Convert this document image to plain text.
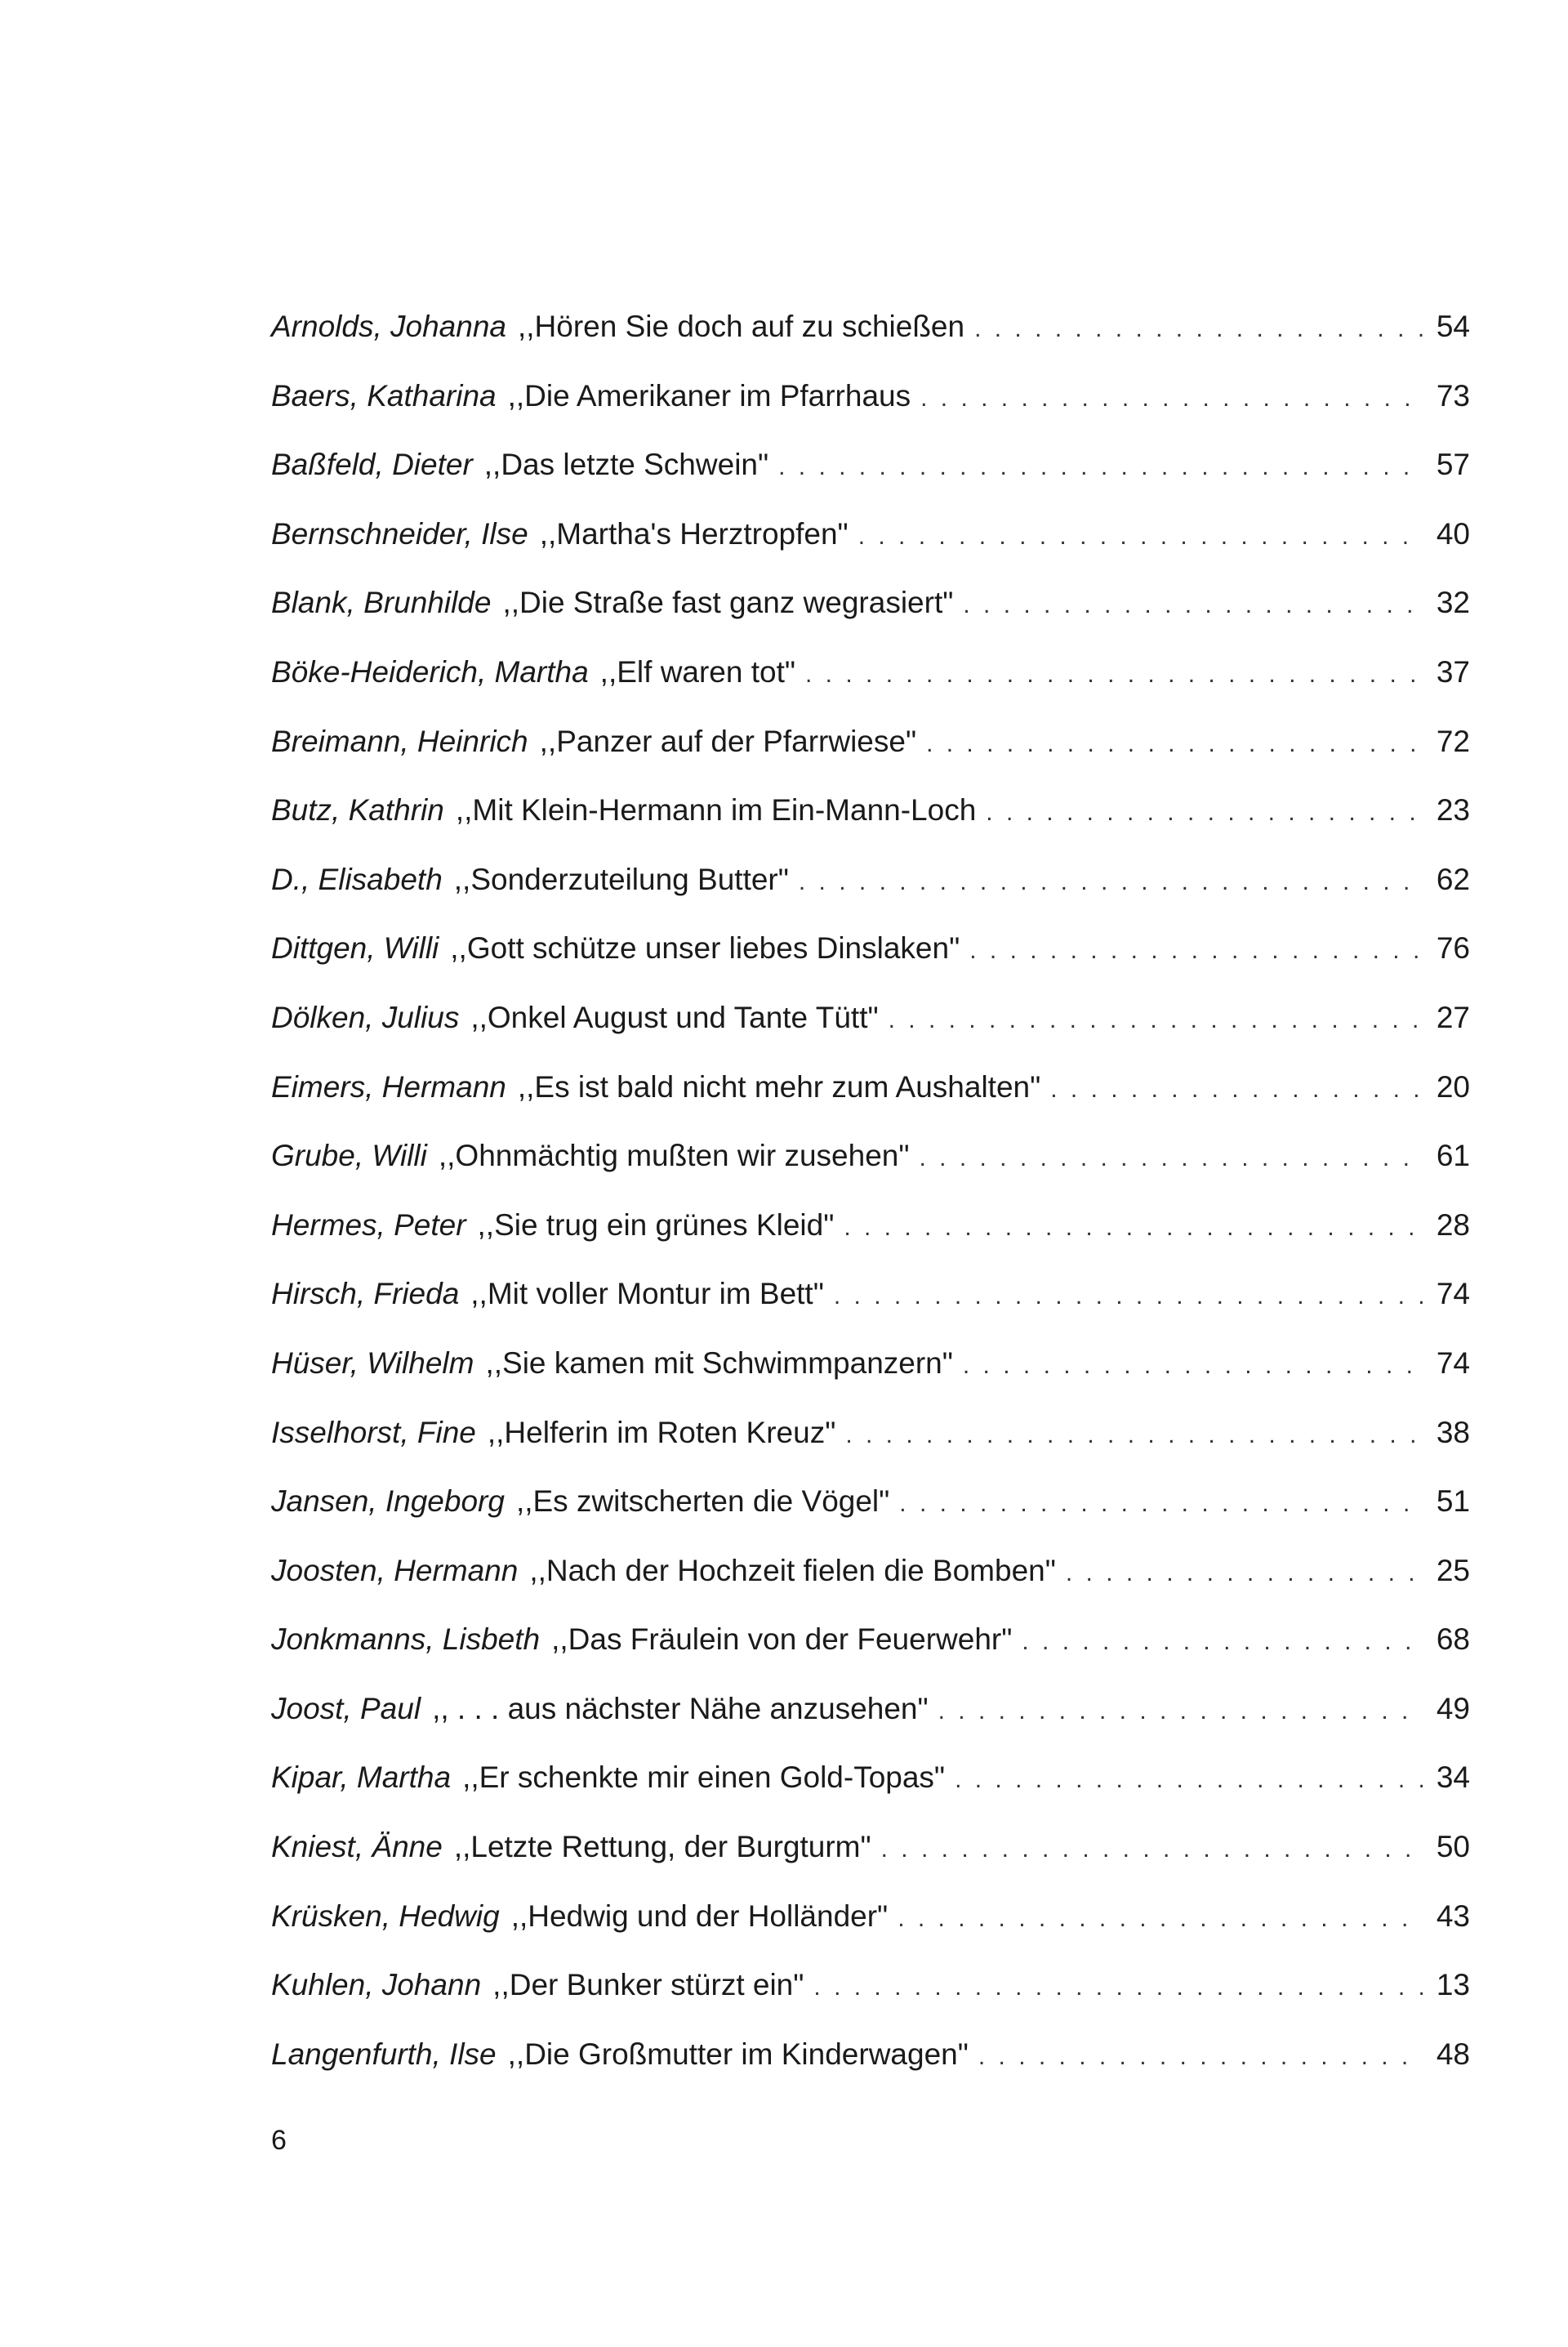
Arnolds, Johanna ,,Hören Sie doch auf zu schießen . . .	54
Baers, Katharina ,,Die Amerikaner im Pfarrhaus . . .	73
Baßfeld, Dieter ,,Das letzte Schwein" . . .	57
Bernschneider, Ilse ,,Martha's Herztropfen" . . .	40
Blank, Brunhilde ,,Die Straße fast ganz wegrasiert" . . .	32
Böke-Heiderich, Martha ,,Elf waren tot" . . .	37
Breimann, Heinrich ,,Panzer auf der Pfarrwiese" . . .	72
Butz, Kathrin ,,Mit Klein-Hermann im Ein-Mann-Loch . . .	23
D., Elisabeth ,,Sonderzuteilung Butter" . . .	62
Dittgen, Willi ,,Gott schütze unser liebes Dinslaken" . . .	76
Dölken, Julius ,,Onkel August und Tante Tütt" . . .	27
Eimers, Hermann ,,Es ist bald nicht mehr zum Aushalten" . . .	20
Grube, Willi ,,Ohnmächtig mußten wir zusehen" . . .	61
Hermes, Peter ,,Sie trug ein grünes Kleid" . . .	28
Hirsch, Frieda ,,Mit voller Montur im Bett" . . .	74
Hüser, Wilhelm ,,Sie kamen mit Schwimmpanzern" . . .	74
Isselhorst, Fine ,,Helferin im Roten Kreuz" . . .	38
Jansen, Ingeborg ,,Es zwitscherten die Vögel" . . .	51
Joosten, Hermann ,,Nach der Hochzeit fielen die Bomben" . . .	25
Jonkmanns, Lisbeth ,,Das Fräulein von der Feuerwehr" . . .	68
Joost, Paul ,, . . . aus nächster Nähe anzusehen" . . .	49
Kipar, Martha ,,Er schenkte mir einen Gold-Topas" . . .	34
Kniest, Änne ,,Letzte Rettung, der Burgturm" . . .	50
Krüsken, Hedwig ,,Hedwig und der Holländer" . . .	43
Kuhlen, Johann ,,Der Bunker stürzt ein" . . .	13
Langenfurth, Ilse ,,Die Großmutter im Kinderwagen" . . .	48
6
